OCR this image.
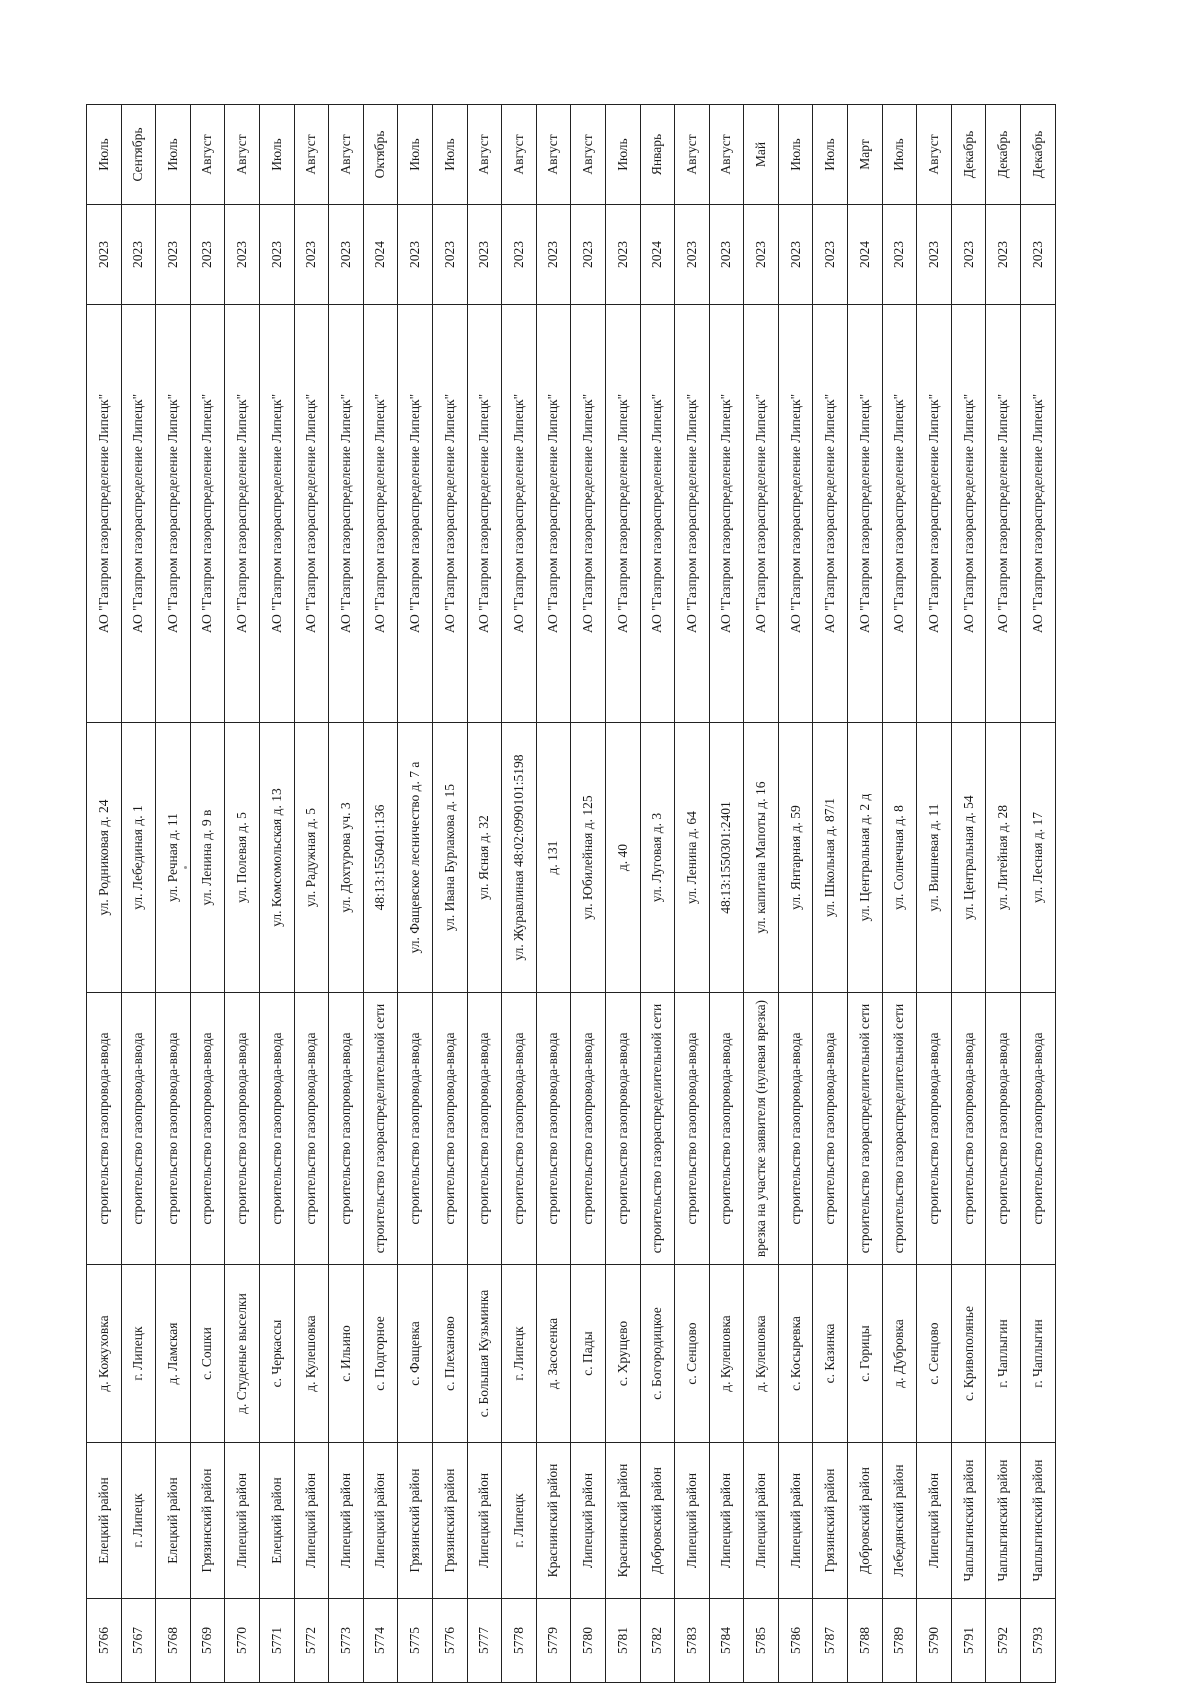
5766	Елецкий район	д. Кожуховка	строительство газопровода-ввода	ул. Родниковая д. 24	АО "Газпром газораспределение Липецк"	2023	Июль
5767	г. Липецк	г. Липецк	строительство газопровода-ввода	ул. Лебединая д. 1	АО "Газпром газораспределение Липецк"	2023	Сентябрь
5768	Елецкий район	д. Ламская	строительство газопровода-ввода	ул. Речная д. 11	АО "Газпром газораспределение Липецк"	2023	Июль
5769	Грязинский район	с. Сошки	строительство газопровода-ввода	ул. Ленина д. 9 в	АО "Газпром газораспределение Липецк"	2023	Август
5770	Липецкий район	д. Студеные выселки	строительство газопровода-ввода	ул. Полевая д. 5	АО "Газпром газораспределение Липецк"	2023	Август
5771	Елецкий район	с. Черкассы	строительство газопровода-ввода	ул. Комсомольская д. 13	АО "Газпром газораспределение Липецк"	2023	Июль
5772	Липецкий район	д. Кулешовка	строительство газопровода-ввода	ул. Радужная д. 5	АО "Газпром газораспределение Липецк"	2023	Август
5773	Липецкий район	с. Ильино	строительство газопровода-ввода	ул. Дохтурова уч. 3	АО "Газпром газораспределение Липецк"	2023	Август
5774	Липецкий район	с. Подгорное	строительство газораспределительной сети	48:13:1550401:136	АО "Газпром газораспределение Липецк"	2024	Октябрь
5775	Грязинский район	с. Фащевка	строительство газопровода-ввода	ул. Фащевское лесничество д. 7 а	АО "Газпром газораспределение Липецк"	2023	Июль
5776	Грязинский район	с. Плеханово	строительство газопровода-ввода	ул. Ивана Бурлакова д. 15	АО "Газпром газораспределение Липецк"	2023	Июль
5777	Липецкий район	с. Большая Кузьминка	строительство газопровода-ввода	ул. Ясная д. 32	АО "Газпром газораспределение Липецк"	2023	Август
5778	г. Липецк	г. Липецк	строительство газопровода-ввода	ул. Журавлиная 48:02:0990101:5198	АО "Газпром газораспределение Липецк"	2023	Август
5779	Краснинский район	д. Засосенка	строительство газопровода-ввода	д. 131	АО "Газпром газораспределение Липецк"	2023	Август
5780	Липецкий район	с. Пады	строительство газопровода-ввода	ул. Юбилейная д. 125	АО "Газпром газораспределение Липецк"	2023	Август
5781	Краснинский район	с. Хрущево	строительство газопровода-ввода	д. 40	АО "Газпром газораспределение Липецк"	2023	Июль
5782	Добровский район	с. Богородицкое	строительство газораспределительной сети	ул. Луговая д. 3	АО "Газпром газораспределение Липецк"	2024	Январь
5783	Липецкий район	с. Сенцово	строительство газопровода-ввода	ул. Ленина д. 64	АО "Газпром газораспределение Липецк"	2023	Август
5784	Липецкий район	д. Кулешовка	строительство газопровода-ввода	48:13:1550301:2401	АО "Газпром газораспределение Липецк"	2023	Август
5785	Липецкий район	д. Кулешовка	врезка на участке заявителя (нулевая врезка)	ул. капитана Мапоты д. 16	АО "Газпром газораспределение Липецк"	2023	Май
5786	Липецкий район	с. Косыревка	строительство газопровода-ввода	ул. Янтарная д. 59	АО "Газпром газораспределение Липецк"	2023	Июль
5787	Грязинский район	с. Казинка	строительство газопровода-ввода	ул. Школьная д. 87/1	АО "Газпром газораспределение Липецк"	2023	Июль
5788	Добровский район	с. Горицы	строительство газораспределительной сети	ул. Центральная д. 2 д	АО "Газпром газораспределение Липецк"	2024	Март
5789	Лебедянский район	д. Дубровка	строительство газораспределительной сети	ул. Солнечная д. 8	АО "Газпром газораспределение Липецк"	2023	Июль
5790	Липецкий район	с. Сенцово	строительство газопровода-ввода	ул. Вишневая д. 11	АО "Газпром газораспределение Липецк"	2023	Август
5791	Чаплыгинский район	с. Кривополянье	строительство газопровода-ввода	ул. Центральная д. 54	АО "Газпром газораспределение Липецк"	2023	Декабрь
5792	Чаплыгинский район	г. Чаплыгин	строительство газопровода-ввода	ул. Литейная д. 28	АО "Газпром газораспределение Липецк"	2023	Декабрь
5793	Чаплыгинский район	г. Чаплыгин	строительство газопровода-ввода	ул. Лесная д. 17	АО "Газпром газораспределение Липецк"	2023	Декабрь
